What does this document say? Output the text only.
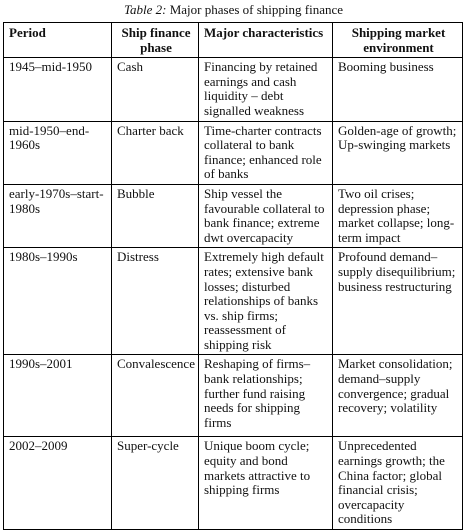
Table 2: Major phases of shipping finance
Period	Ship finance phase	Major characteristics	Shipping market environment
1945–mid-1950	Cash	Financing by retained earnings and cash liquidity – debt signalled weakness	Booming business
mid-1950–end-1960s	Charter back	Time-charter contracts collateral to bank finance; enhanced role of banks	Golden-age of growth; Up-swinging markets
early-1970s–start-1980s	Bubble	Ship vessel the favourable collateral to bank finance; extreme dwt overcapacity	Two oil crises; depression phase; market collapse; long-term impact
1980s–1990s	Distress	Extremely high default rates; extensive bank losses; disturbed relationships of banks vs. ship firms; reassessment of shipping risk	Profound demand–supply disequilibrium; business restructuring
1990s–2001	Convalescence	Reshaping of firms–bank relationships; further fund raising needs for shipping firms	Market consolidation; demand–supply convergence; gradual recovery; volatility
2002–2009	Super-cycle	Unique boom cycle; equity and bond markets attractive to shipping firms	Unprecedented earnings growth; the China factor; global financial crisis; overcapacity conditions
